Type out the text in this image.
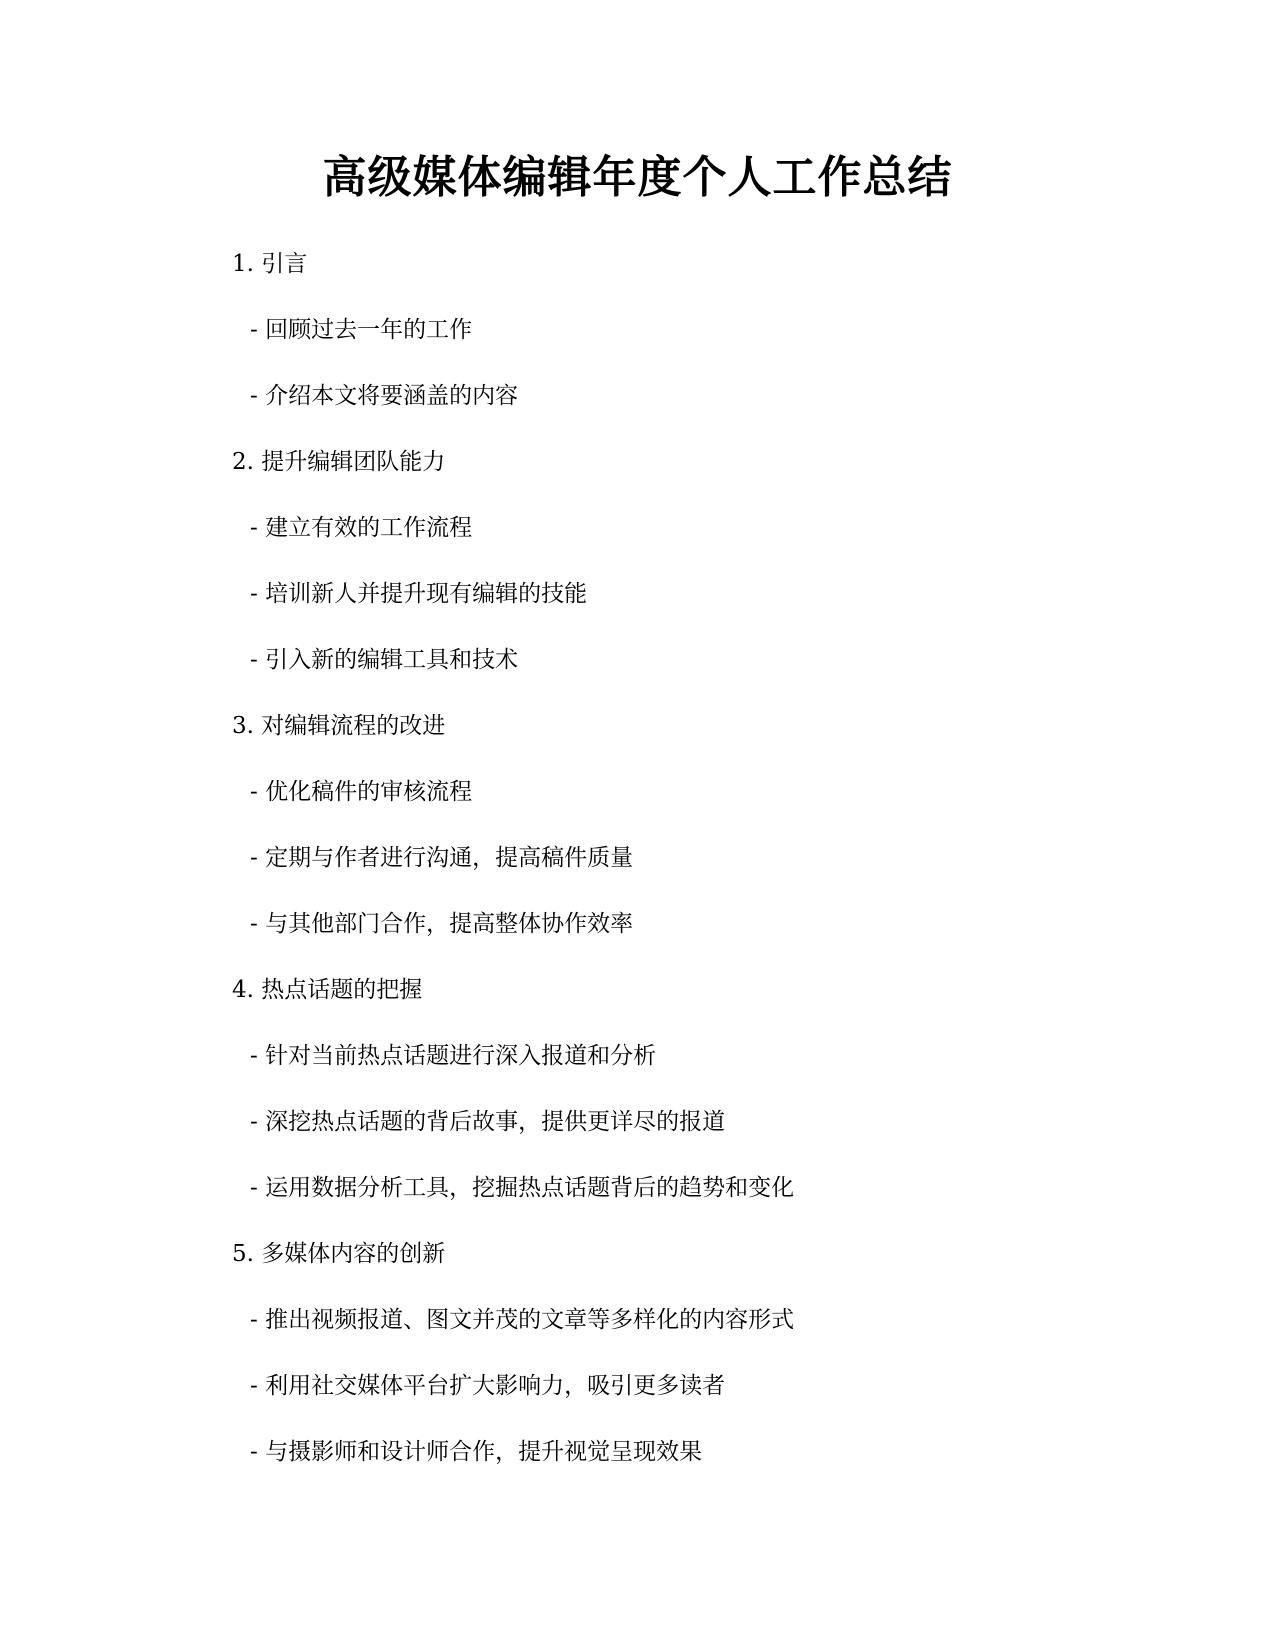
高级媒体编辑年度个人工作总结
1. 引言
- 回顾过去一年的工作
- 介绍本文将要涵盖的内容
2. 提升编辑团队能力
- 建立有效的工作流程
- 培训新人并提升现有编辑的技能
- 引入新的编辑工具和技术
3. 对编辑流程的改进
- 优化稿件的审核流程
- 定期与作者进行沟通，提高稿件质量
- 与其他部门合作，提高整体协作效率
4. 热点话题的把握
- 针对当前热点话题进行深入报道和分析
- 深挖热点话题的背后故事，提供更详尽的报道
- 运用数据分析工具，挖掘热点话题背后的趋势和变化
5. 多媒体内容的创新
- 推出视频报道、图文并茂的文章等多样化的内容形式
- 利用社交媒体平台扩大影响力，吸引更多读者
- 与摄影师和设计师合作，提升视觉呈现效果
